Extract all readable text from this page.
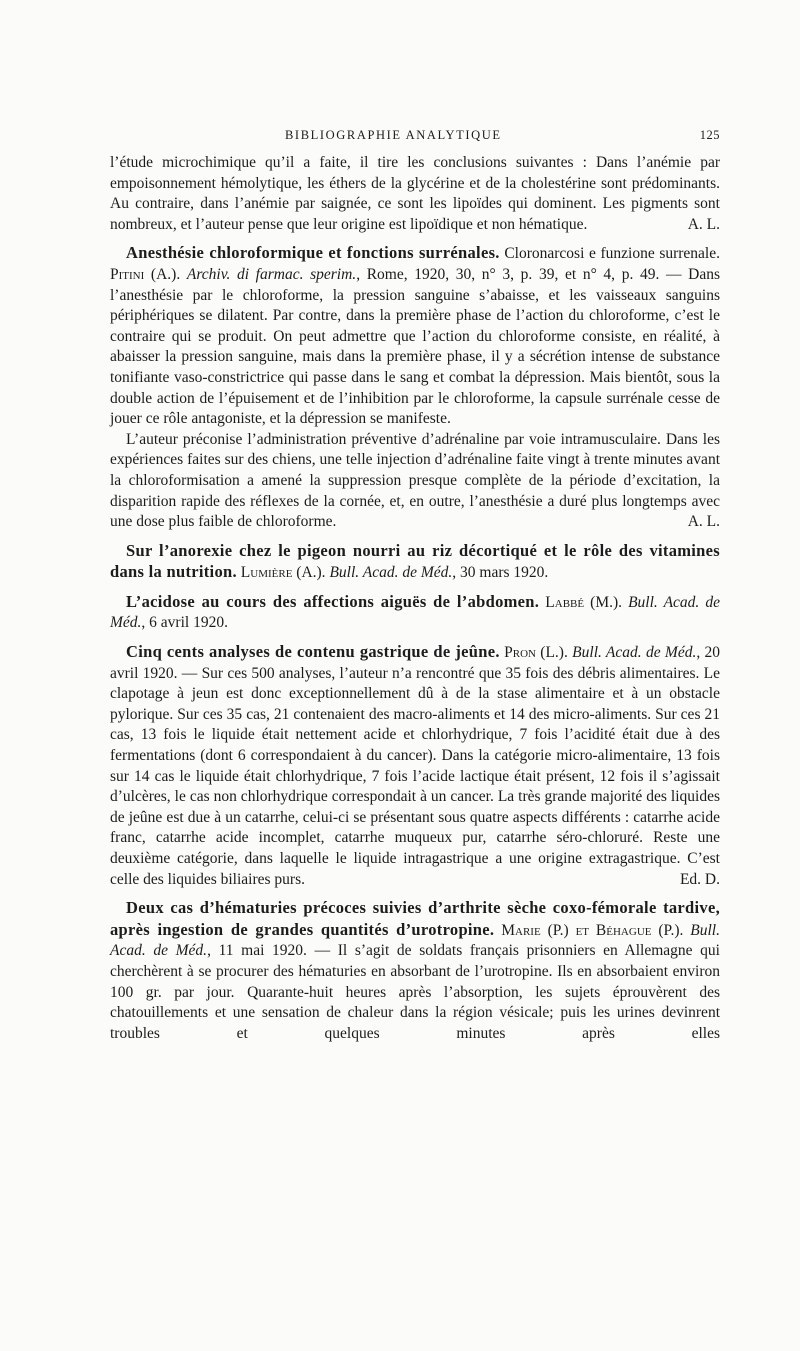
BIBLIOGRAPHIE ANALYTIQUE	125

l’étude microchimique qu’il a faite, il tire les conclusions suivantes : Dans l’anémie par empoisonnement hémolytique, les éthers de la glycérine et de la cholestérine sont prédominants. Au contraire, dans l’anémie par saignée, ce sont les lipoïdes qui dominent. Les pigments sont nombreux, et l’auteur pense que leur origine est lipoïdique et non hématique.	A. L.

Anesthésie chloroformique et fonctions surrénales. Cloronarcosi e funzione surrenale. Pitini (A.). Archiv. di farmac. sperim., Rome, 1920, 30, n° 3, p. 39, et n° 4, p. 49. — Dans l’anesthésie par le chloroforme, la pression sanguine s’abaisse, et les vaisseaux sanguins périphériques se dilatent. Par contre, dans la première phase de l’action du chloroforme, c’est le contraire qui se produit. On peut admettre que l’action du chloroforme consiste, en réalité, à abaisser la pression sanguine, mais dans la première phase, il y a sécrétion intense de substance tonifiante vaso-constrictrice qui passe dans le sang et combat la dépression. Mais bientôt, sous la double action de l’épuisement et de l’inhibition par le chloroforme, la capsule surrénale cesse de jouer ce rôle antagoniste, et la dépression se manifeste.

L’auteur préconise l’administration préventive d’adrénaline par voie intramusculaire. Dans les expériences faites sur des chiens, une telle injection d’adrénaline faite vingt à trente minutes avant la chloroformisation a amené la suppression presque complète de la période d’excitation, la disparition rapide des réflexes de la cornée, et, en outre, l’anesthésie a duré plus longtemps avec une dose plus faible de chloroforme.	A. L.

Sur l’anorexie chez le pigeon nourri au riz décortiqué et le rôle des vitamines dans la nutrition. Lumière (A.). Bull. Acad. de Méd., 30 mars 1920.

L’acidose au cours des affections aiguës de l’abdomen. Labbé (M.). Bull. Acad. de Méd., 6 avril 1920.

Cinq cents analyses de contenu gastrique de jeûne. Pron (L.). Bull. Acad. de Méd., 20 avril 1920. — Sur ces 500 analyses, l’auteur n’a rencontré que 35 fois des débris alimentaires. Le clapotage à jeun est donc exceptionnellement dû à de la stase alimentaire et à un obstacle pylorique. Sur ces 35 cas, 21 contenaient des macro-aliments et 14 des micro-aliments. Sur ces 21 cas, 13 fois le liquide était nettement acide et chlorhydrique, 7 fois l’acidité était due à des fermentations (dont 6 correspondaient à du cancer). Dans la catégorie micro-alimentaire, 13 fois sur 14 cas le liquide était chlorhydrique, 7 fois l’acide lactique était présent, 12 fois il s’agissait d’ulcères, le cas non chlorhydrique correspondait à un cancer. La très grande majorité des liquides de jeûne est due à un catarrhe, celui-ci se présentant sous quatre aspects différents : catarrhe acide franc, catarrhe acide incomplet, catarrhe muqueux pur, catarrhe séro-chloruré. Reste une deuxième catégorie, dans laquelle le liquide intragastrique a une origine extragastrique. C’est celle des liquides biliaires purs.	Ed. D.

Deux cas d’hématuries précoces suivies d’arthrite sèche coxo-fémorale tardive, après ingestion de grandes quantités d’urotropine. Marie (P.) et Béhague (P.). Bull. Acad. de Méd., 11 mai 1920. — Il s’agit de soldats français prisonniers en Allemagne qui cherchèrent à se procurer des hématuries en absorbant de l’urotropine. Ils en absorbaient environ 100 gr. par jour. Quarante-huit heures après l’absorption, les sujets éprouvèrent des chatouillements et une sensation de chaleur dans la région vésicale; puis les urines devinrent troubles et quelques minutes après elles
